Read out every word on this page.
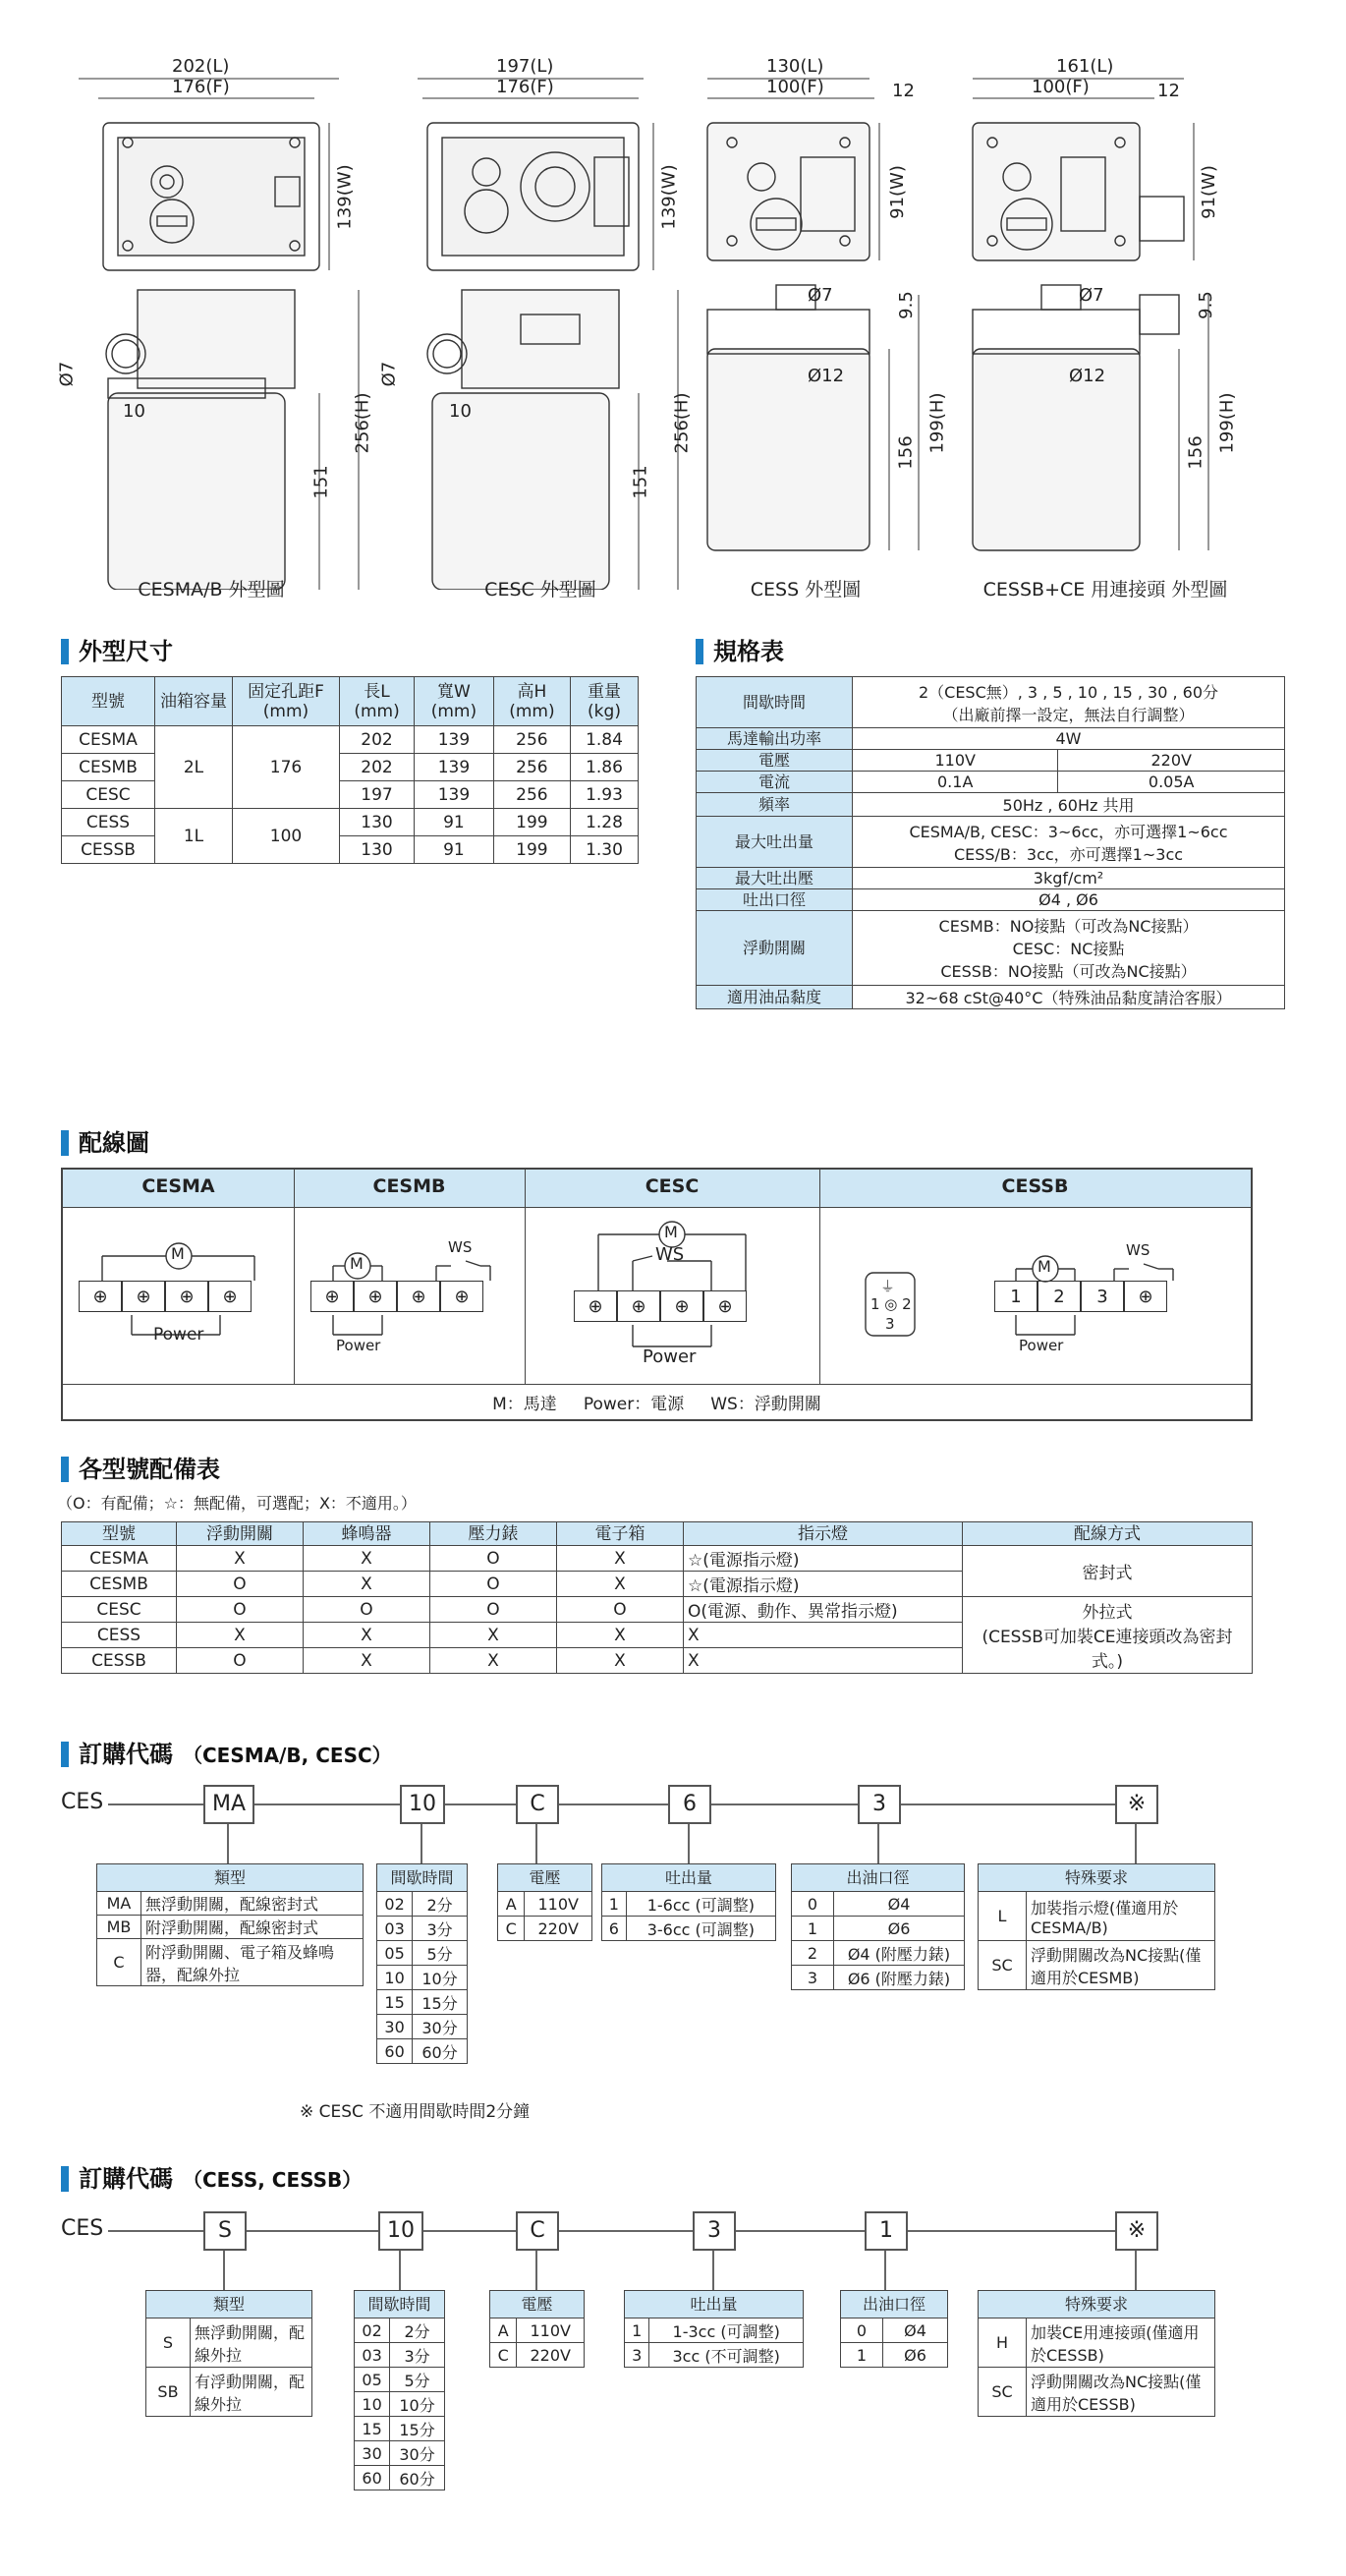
202(L)
176(F)
139(W)
256(H)
151
Ø7
10
197(L)
176(F)
139(W)
256(H)
151
Ø7
10
130(L)
100(F)	12
91(W)
Ø7	9.5
Ø12
156 199(H)
161(L)
100(F)	12
91(W)
Ø7	9.5
Ø12
156 199(H)
CESMA/B 外型圖	CESC 外型圖	CESS 外型圖	CESSB+CE 用連接頭 外型圖
外型尺寸
型號	油箱容量	固定孔距F (mm)	長L (mm)	寬W (mm)	高H (mm)	重量(kg)
CESMA	2L	176	202	139	256	1.84
CESMB			202	139	256	1.86
CESC			197	139	256	1.93
CESS	1L	100	130	91	199	1.28
CESSB			130	91	199	1.30
規格表
間歇時間	2（CESC無）, 3 , 5 , 10 , 15 , 30 , 60分
（出廠前擇一設定，無法自行調整）	

馬達輸出功率	4W	
電壓	110V	220V
電流	0.1A	0.05A
頻率	50Hz , 60Hz 共用	
最大吐出量	CESMA/B, CESC：3~6cc，亦可選擇1~6cc
CESS/B：3cc，亦可選擇1~3cc	

最大吐出壓	3kgf/cm²	
吐出口徑	Ø4 , Ø6	
浮動開關	CESMB：NO接點（可改為NC接點）
CESC：NC接點
CESSB：NO接點（可改為NC接點）	

適用油品黏度	32~68 cSt@40°C（特殊油品黏度請洽客服）	
配線圖
CESMA	CESMB	CESC	CESSB
M
M
M
M
WS	WS	WS
⊕ ⊕ ⊕ ⊕	⊕ ⊕ ⊕ ⊕	⊕ ⊕ ⊕ ⊕	1 2 3 ⊕
Power
Power
Power
Power
⏚
1 ◎ 2
3
M：馬達     Power：電源     WS：浮動開關
各型號配備表
（O：有配備；☆：無配備，可選配；X：不適用。）
型號	浮動開關	蜂鳴器	壓力錶	電子箱	指示燈	配線方式
CESMA	X	X	O	X	☆(電源指示燈)	密封式
CESMB	O	X	O	X	☆(電源指示燈)	
CESC	O	O	O	O	O(電源、動作、異常指示燈)	外拉式
(CESSB可加裝CE連接頭改為密封式。)

CESS	X	X	X	X	X	
CESSB	O	X	X	X	X	
訂購代碼 （CESMA/B, CESC）
CES	MA	10	C	6	3	※
類型	
MA	無浮動開關，配線密封式
MB	附浮動開關，配線密封式
C	附浮動開關、電子箱及蜂鳴器，配線外拉
間歇時間	
02	2分
03	3分
05	5分
10	10分
15	15分
30	30分
60	60分
電壓	
A	110V
C	220V
吐出量	
1	1-6cc (可調整)
6	3-6cc (可調整)
出油口徑	
0	Ø4
1	Ø6
2	Ø4 (附壓力錶)
3	Ø6 (附壓力錶)
特殊要求	
L	加裝指示燈(僅適用於CESMA/B)
SC	浮動開關改為NC接點(僅適用於CESMB)
※ CESC 不適用間歇時間2分鐘
訂購代碼 （CESS, CESSB）
CES	S	10	C	3	1	※
類型	
S	無浮動開關，配線外拉
SB	有浮動開關，配線外拉
間歇時間	
02	2分
03	3分
05	5分
10	10分
15	15分
30	30分
60	60分
電壓	
A	110V
C	220V
吐出量	
1	1-3cc (可調整)
3	3cc (不可調整)
出油口徑	
0	Ø4
1	Ø6
特殊要求	
H	加裝CE用連接頭(僅適用於CESSB)
SC	浮動開關改為NC接點(僅適用於CESSB)
